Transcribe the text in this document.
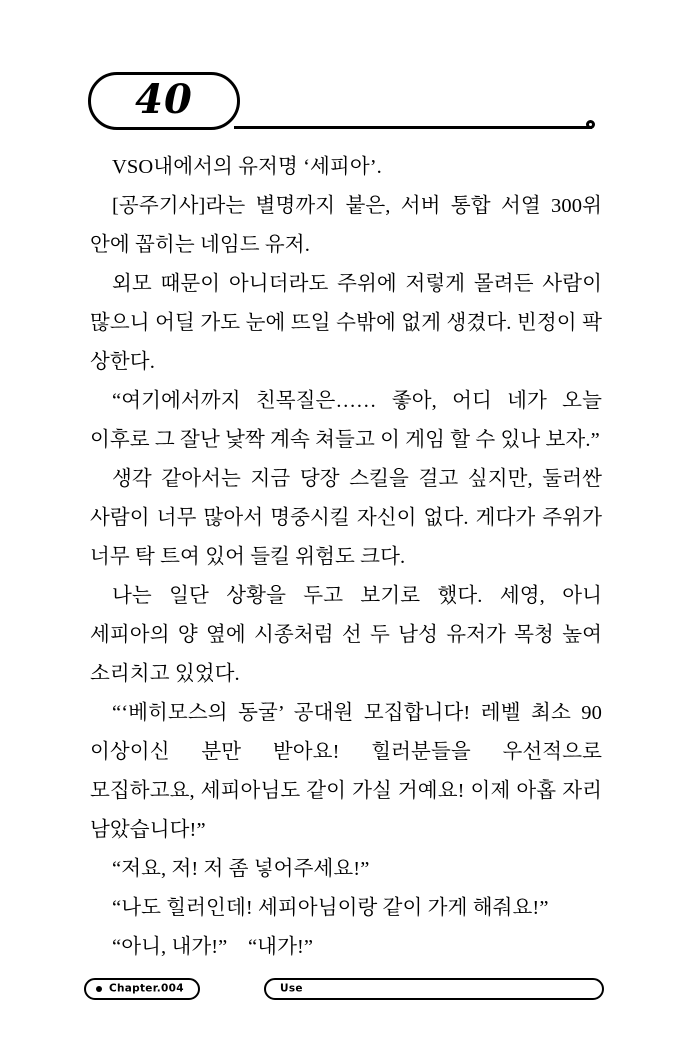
40

VSO내에서의 유저명 ‘세피아’.

[공주기사]라는 별명까지 붙은, 서버 통합 서열 300위 안에 꼽히는 네임드 유저.

외모 때문이 아니더라도 주위에 저렇게 몰려든 사람이 많으니 어딜 가도 눈에 뜨일 수밖에 없게 생겼다. 빈정이 팍 상한다.

“여기에서까지 친목질은…… 좋아, 어디 네가 오늘 이후로 그 잘난 낯짝 계속 쳐들고 이 게임 할 수 있나 보자.”

생각 같아서는 지금 당장 스킬을 걸고 싶지만, 둘러싼 사람이 너무 많아서 명중시킬 자신이 없다. 게다가 주위가 너무 탁 트여 있어 들킬 위험도 크다.

나는 일단 상황을 두고 보기로 했다. 세영, 아니 세피아의 양 옆에 시종처럼 선 두 남성 유저가 목청 높여 소리치고 있었다.

“‘베히모스의 동굴’ 공대원 모집합니다! 레벨 최소 90 이상이신 분만 받아요! 힐러분들을 우선적으로 모집하고요, 세피아님도 같이 가실 거예요! 이제 아홉 자리 남았습니다!”

“저요, 저! 저 좀 넣어주세요!”

“나도 힐러인데! 세피아님이랑 같이 가게 해줘요!”

“아니, 내가!”　“내가!”

Chapter.004	Use
